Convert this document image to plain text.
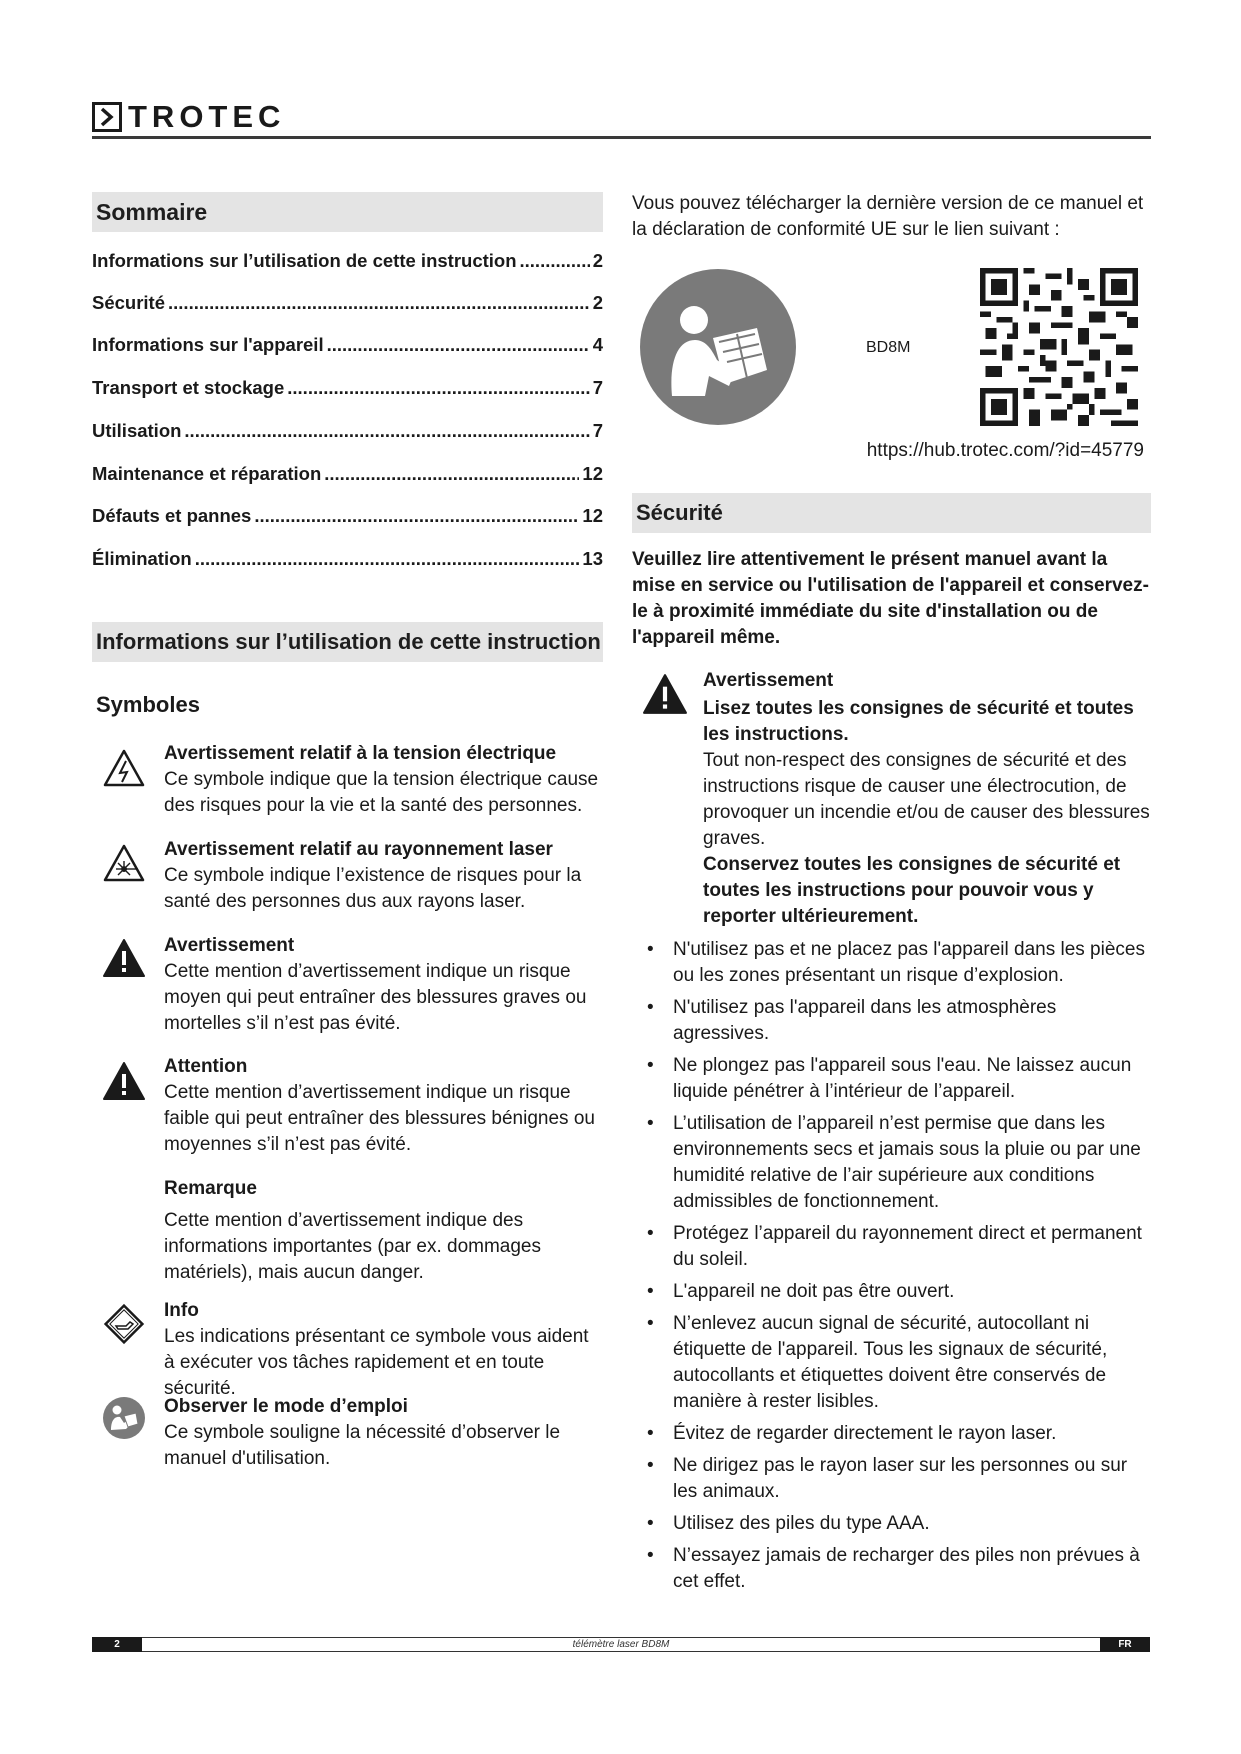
TROTEC
Sommaire
Informations sur l’utilisation de cette instruction .....	2
Sécurité .....	2
Informations sur l'appareil .....	4
Transport et stockage .....	7
Utilisation .....	7
Maintenance et réparation .....	12
Défauts et pannes .....	12
Élimination .....	13
Informations sur l’utilisation de cette instruction
Symboles
Avertissement relatif à la tension électrique
Ce symbole indique que la tension électrique cause des risques pour la vie et la santé des personnes.
Avertissement relatif au rayonnement laser
Ce symbole indique l’existence de risques pour la santé des personnes dus aux rayons laser.
Avertissement
Cette mention d’avertissement indique un risque moyen qui peut entraîner des blessures graves ou mortelles s’il n’est pas évité.
Attention
Cette mention d’avertissement indique un risque faible qui peut entraîner des blessures bénignes ou moyennes s’il n’est pas évité.
Remarque
Cette mention d’avertissement indique des informations importantes (par ex. dommages matériels), mais aucun danger.
Info
Les indications présentant ce symbole vous aident à exécuter vos tâches rapidement et en toute sécurité.
Observer le mode d’emploi
Ce symbole souligne la nécessité d’observer le manuel d'utilisation.
Vous pouvez télécharger la dernière version de ce manuel et la déclaration de conformité UE sur le lien suivant :
BD8M
https://hub.trotec.com/?id=45779
Sécurité
Veuillez lire attentivement le présent manuel avant la mise en service ou l'utilisation de l'appareil et conservez-le à proximité immédiate du site d'installation ou de l'appareil même.
Avertissement
Lisez toutes les consignes de sécurité et toutes les instructions.
Tout non-respect des consignes de sécurité et des instructions risque de causer une électrocution, de provoquer un incendie et/ou de causer des blessures graves.
Conservez toutes les consignes de sécurité et toutes les instructions pour pouvoir vous y reporter ultérieurement.
• N'utilisez pas et ne placez pas l'appareil dans les pièces ou les zones présentant un risque d’explosion.
• N'utilisez pas l'appareil dans les atmosphères agressives.
• Ne plongez pas l'appareil sous l'eau. Ne laissez aucun liquide pénétrer à l’intérieur de l’appareil.
• L’utilisation de l’appareil n’est permise que dans les environnements secs et jamais sous la pluie ou par une humidité relative de l’air supérieure aux conditions admissibles de fonctionnement.
• Protégez l’appareil du rayonnement direct et permanent du soleil.
• L'appareil ne doit pas être ouvert.
• N’enlevez aucun signal de sécurité, autocollant ni étiquette de l'appareil. Tous les signaux de sécurité, autocollants et étiquettes doivent être conservés de manière à rester lisibles.
• Évitez de regarder directement le rayon laser.
• Ne dirigez pas le rayon laser sur les personnes ou sur les animaux.
• Utilisez des piles du type AAA.
• N’essayez jamais de recharger des piles non prévues à cet effet.
2	télémètre laser BD8M	FR
